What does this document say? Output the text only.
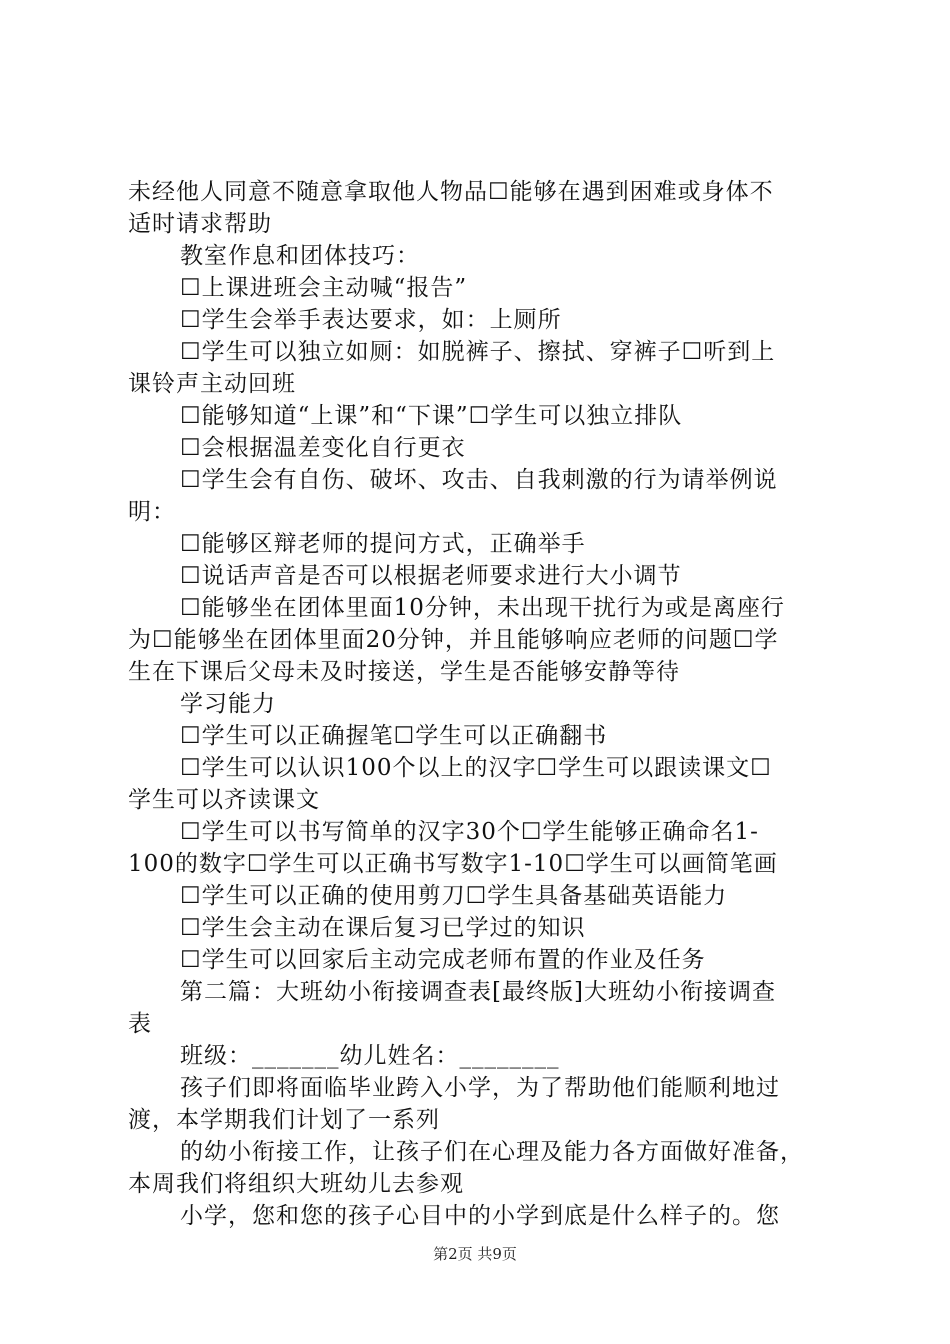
未经他人同意不随意拿取他人物品☐能够在遇到困难或身体不
适时请求帮助
教室作息和团体技巧：
☐上课进班会主动喊“报告”
☐学生会举手表达要求，如：上厕所
☐学生可以独立如厕：如脱裤子、擦拭、穿裤子☐听到上
课铃声主动回班
☐能够知道“上课”和“下课”☐学生可以独立排队
☐会根据温差变化自行更衣
☐学生会有自伤、破坏、攻击、自我刺激的行为请举例说
明：
☐能够区辩老师的提问方式，正确举手
☐说话声音是否可以根据老师要求进行大小调节
☐能够坐在团体里面10分钟，未出现干扰行为或是离座行
为☐能够坐在团体里面20分钟，并且能够响应老师的问题☐学
生在下课后父母未及时接送，学生是否能够安静等待
学习能力
☐学生可以正确握笔☐学生可以正确翻书
☐学生可以认识100个以上的汉字☐学生可以跟读课文☐
学生可以齐读课文
☐学生可以书写简单的汉字30个☐学生能够正确命名1-
100的数字☐学生可以正确书写数字1-10☐学生可以画简笔画
☐学生可以正确的使用剪刀☐学生具备基础英语能力
☐学生会主动在课后复习已学过的知识
☐学生可以回家后主动完成老师布置的作业及任务
第二篇：大班幼小衔接调查表[最终版]大班幼小衔接调查
表
班级：_______幼儿姓名：________
孩子们即将面临毕业跨入小学，为了帮助他们能顺利地过
渡，本学期我们计划了一系列
的幼小衔接工作，让孩子们在心理及能力各方面做好准备，
本周我们将组织大班幼儿去参观
小学，您和您的孩子心目中的小学到底是什么样子的。您
第2页 共9页
